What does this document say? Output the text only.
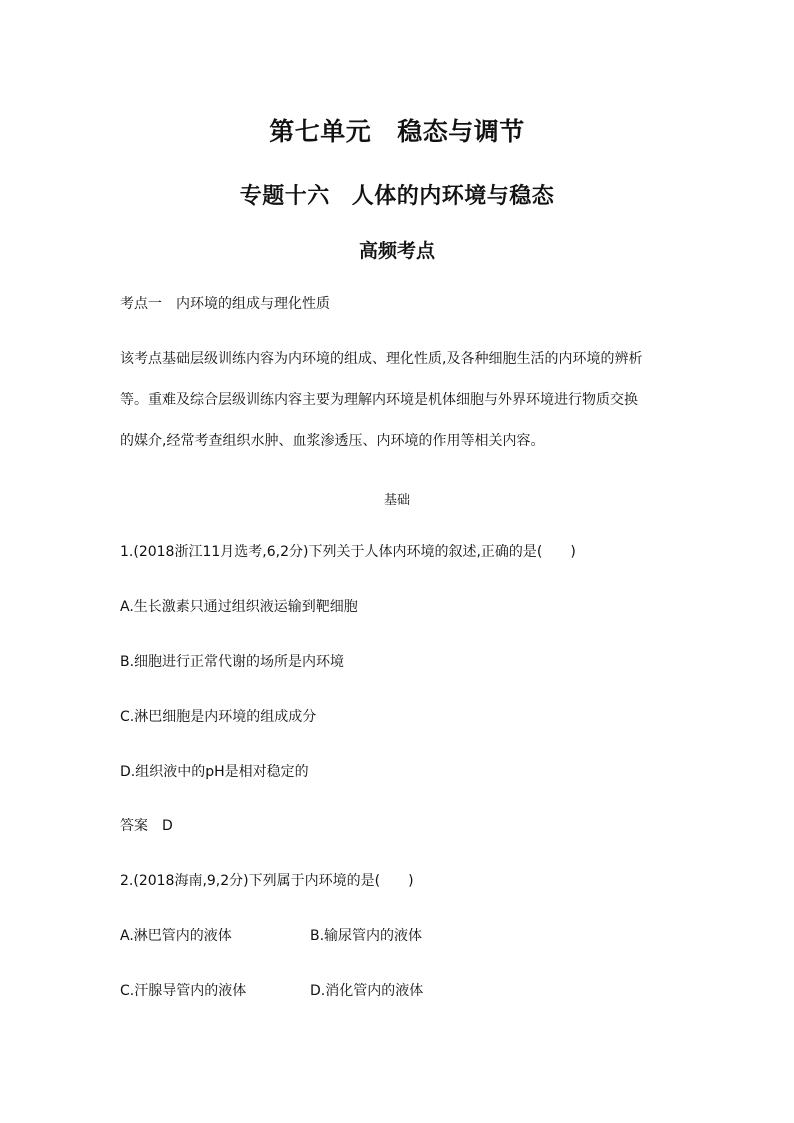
第七单元 稳态与调节
专题十六 人体的内环境与稳态
高频考点
考点一 内环境的组成与理化性质
该考点基础层级训练内容为内环境的组成、理化性质,及各种细胞生活的内环境的辨析
等。重难及综合层级训练内容主要为理解内环境是机体细胞与外界环境进行物质交换
的媒介,经常考查组织水肿、血浆渗透压、内环境的作用等相关内容。
基础
1.(2018浙江11月选考,6,2分)下列关于人体内环境的叙述,正确的是(　　)
A.生长激素只通过组织液运输到靶细胞
B.细胞进行正常代谢的场所是内环境
C.淋巴细胞是内环境的组成成分
D.组织液中的pH是相对稳定的
答案 D
2.(2018海南,9,2分)下列属于内环境的是(　　)
A.淋巴管内的液体	B.输尿管内的液体
C.汗腺导管内的液体	D.消化管内的液体
